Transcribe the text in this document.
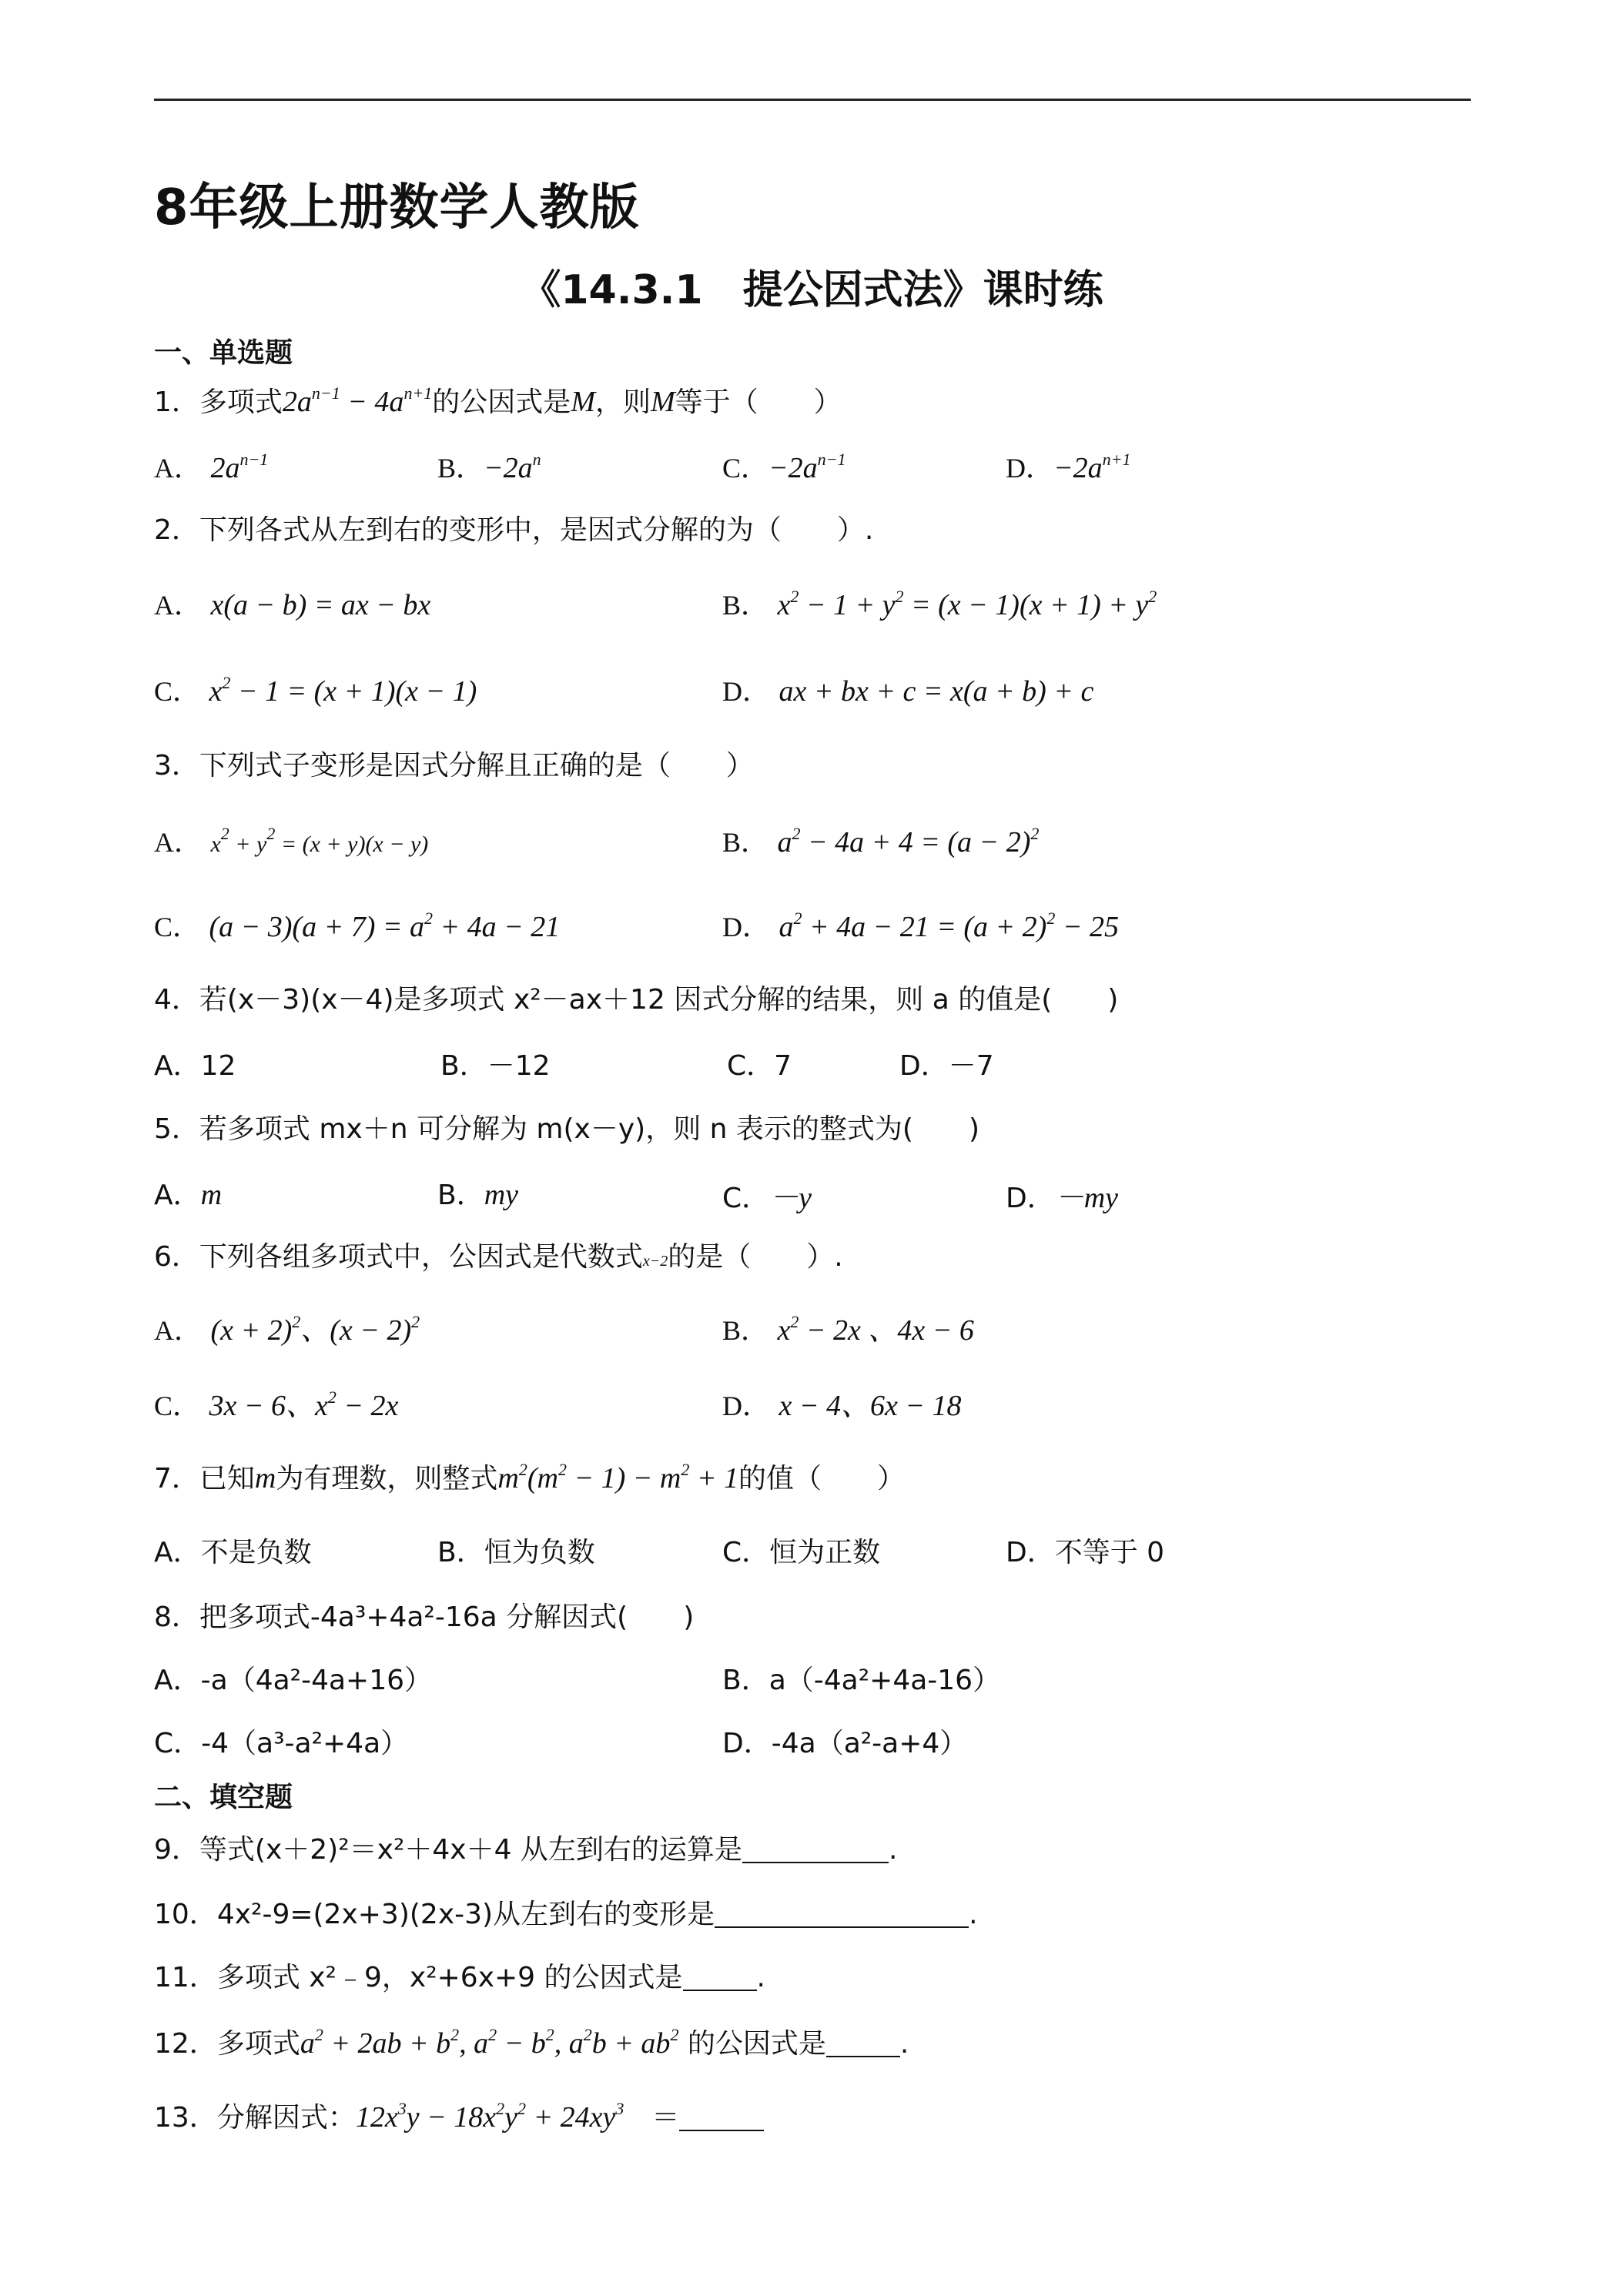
8年级上册数学人教版
《14.3.1　提公因式法》课时练
一、单选题
1．多项式$2a^{n-1} - 4a^{n+1}$的公因式是M，则M等于（　　）
A． $2a^{n-1}$	B．$-2a^n$	C．$-2a^{n-1}$	D．$-2a^{n+1}$
2．下列各式从左到右的变形中，是因式分解的为（　　）.
A． x(a − b) = ax − bx	B． $x^2 - 1 + y^2 = (x - 1)(x + 1) + y^2$
C． $x^2 - 1 = (x + 1)(x - 1)$	D． ax + bx + c = x(a + b) + c
3．下列式子变形是因式分解且正确的是（　　）
A． $x^2 + y^2 = (x + y)(x - y)$	B． $a^2 - 4a + 4 = (a - 2)^2$
C． $(a - 3)(a + 7) = a^2 + 4a - 21$	D． $a^2 + 4a - 21 = (a + 2)^2 - 25$
4．若(x－3)(x－4)是多项式 x²－ax＋12 因式分解的结果，则 a 的值是(　　)
A．12	B．－12	C．7	D．－7
5．若多项式 mx＋n 可分解为 m(x－y)，则 n 表示的整式为(　　)
A．m	B．my	C．－y	D．－my
6．下列各组多项式中，公因式是代数式x−2的是（　　）.
A． $(x + 2)^2$、$(x - 2)^2$	B． $x^2 - 2x$ 、4x − 6
C． 3x − 6、$x^2 - 2x$	D． x − 4、6x − 18
7．已知m为有理数，则整式$m^2(m^2 - 1) - m^2 + 1$的值（　　）
A．不是负数	B．恒为负数	C．恒为正数	D．不等于 0
8．把多项式-4a³+4a²-16a 分解因式(　　)
A．-a（4a²-4a+16）	B．a（-4a²+4a-16）
C．-4（a³-a²+4a）	D．-4a（a²-a+4）
二、填空题
9．等式(x＋2)²＝x²＋4x＋4 从左到右的运算是	.
10．4x²-9=(2x+3)(2x-3)从左到右的变形是	.
11．多项式 x²﹣9，x²+6x+9 的公因式是	.
12．多项式$a^2 + 2ab + b^2$, $a^2 - b^2$, $a^2b + ab^2$ 的公因式是	.
13．分解因式：$12x^3y - 18x^2y^2 + 24xy^3$　 ＝
